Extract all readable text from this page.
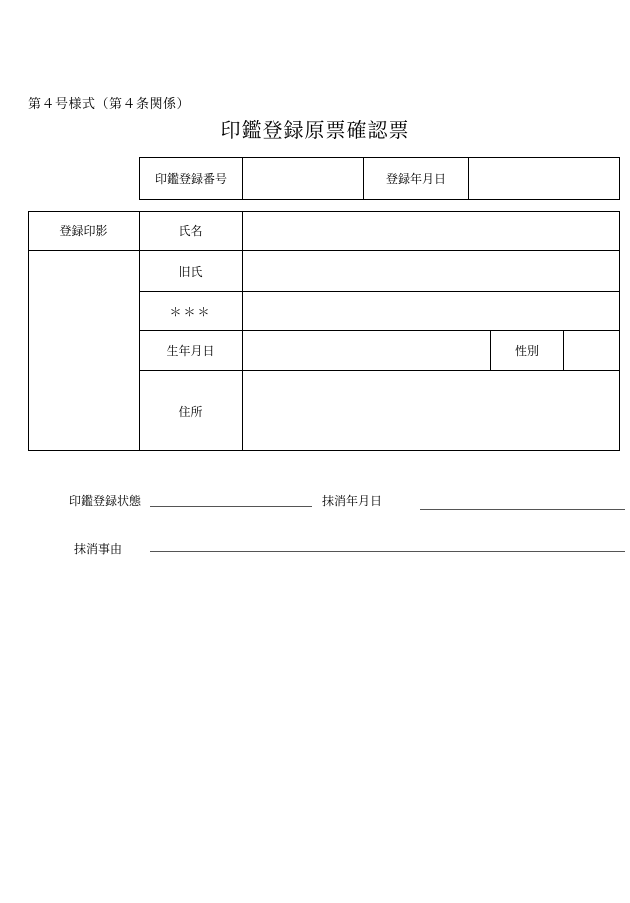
第４号様式（第４条関係）
印鑑登録原票確認票
印鑑登録番号	登録年月日
登録印影	氏名
旧氏
＊＊＊
生年月日	性別
住所
印鑑登録状態	抹消年月日
抹消事由
